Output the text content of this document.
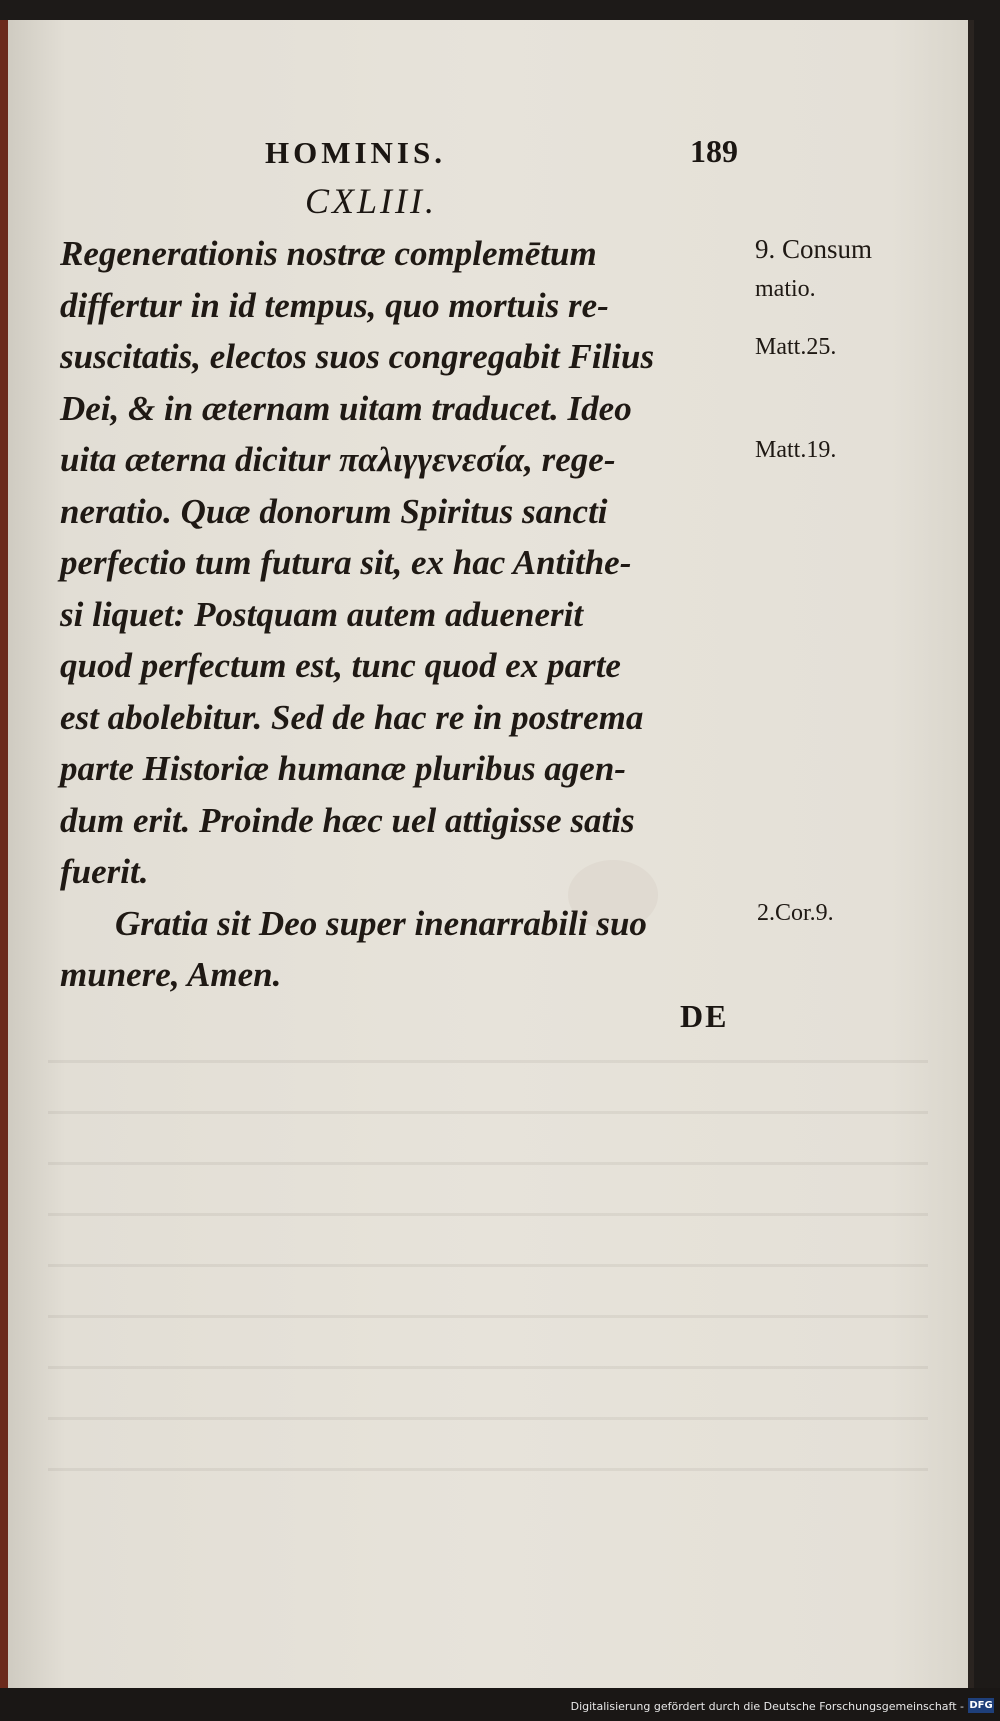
HOMINIS.	189
CXLIII.
Regenerationis nostræ complemētum
differtur in id tempus, quo mortuis re-
suscitatis, electos suos congregabit Filius
Dei, & in æternam uitam traducet. Ideo
uita æterna dicitur παλιγγενεσία, rege-
neratio. Quæ donorum Spiritus sancti
perfectio tum futura sit, ex hac Antithe-
si liquet: Postquam autem aduenerit
quod perfectum est, tunc quod ex parte
est abolebitur. Sed de hac re in postrema
parte Historiæ humanæ pluribus agen-
dum erit. Proinde hæc uel attigisse satis
fuerit.
Gratia sit Deo super inenarrabili suo
munere, Amen.
9. Consum
matio.
Matt.25.
Matt.19.
2.Cor.9.
DE
Digitalisierung gefördert durch die Deutsche Forschungsgemeinschaft - DFG
